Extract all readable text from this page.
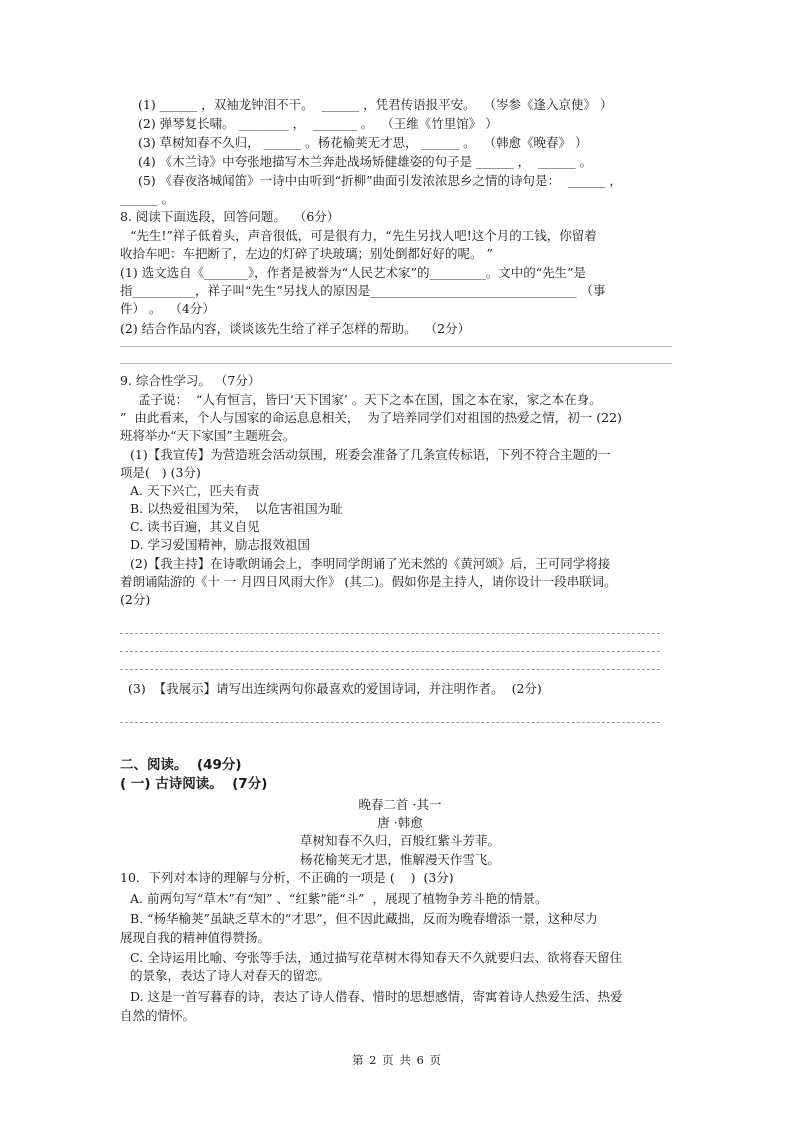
(1) ______ ，双袖龙钟泪不干。  ______ ，凭君传语报平安。  （岑参《逢入京使》 ）
(2) 弹琴复长啸。 ________ ，  _______ 。  （王维《竹里馆》 ）
(3) 草树知春不久归， ______ 。杨花榆荚无才思， ______ 。  （韩愈《晚春》 ）
(4) 《木兰诗》中夸张地描写木兰奔赴战场矫健雄姿的句子是 ______ ，  ______ 。
(5) 《春夜洛城闻笛》一诗中由听到“折柳”曲面引发浓浓思乡之情的诗句是：  ______ ，
______ 。
8. 阅读下面选段，回答问题。  （6分）
“先生!”祥子低着头，声音很低，可是很有力，“先生另找人吧!这个月的工钱，你留着
收拾车吧：车把断了，左边的灯碎了块玻璃；别处倒都好好的呢。 ”
(1) 选文选自《_______》，作者是被誉为“人民艺术家”的_________。文中的“先生”是
指__________，祥子叫“先生”另找人的原因是_________________________________ （事
件） 。  （4分）
(2) 结合作品内容，谈谈该先生给了祥子怎样的帮助。  （2分）
9. 综合性学习。 （7分）
孟子说：  “人有恒言，皆曰‘天下国家’ 。天下之本在国，国之本在家，家之本在身。
”  由此看来，个人与国家的命运息息相关，  为了培养同学们对祖国的热爱之情，初一 (22)
班将举办“天下家国”主题班会。
(1)【我宣传】为营造班会活动氛围，班委会准备了几条宣传标语，下列不符合主题的一
项是(   ) (3分)
A. 天下兴亡，匹夫有责
B. 以热爱祖国为荣，  以危害祖国为耻
C. 读书百遍，其义自见
D. 学习爱国精神，励志报效祖国
(2)【我主持】在诗歌朗诵会上，李明同学朗诵了光未然的《黄河颂》后，王可同学将接
着朗诵陆游的《十 一 月四日风雨大作》 (其二)。假如你是主持人，请你设计一段串联词。
(2分)
(3)  【我展示】请写出连续两句你最喜欢的爱国诗词，并注明作者。  (2分)
二、阅读。  (49分)
( 一) 古诗阅读。  (7分)
晚春二首 ·其一
唐 ·韩愈
草树知春不久归，百般红紫斗芳菲。
杨花榆荚无才思，惟解漫天作雪飞。
10．下列对本诗的理解与分析，不正确的一项是 (    )  (3分)
A. 前两句写“草木”有“知” 、“红紫”能“斗”  ，展现了植物争芳斗艳的情景。
B. “杨华榆荚”虽缺乏草木的“才思”，但不因此藏拙，反而为晚春增添一景，这种尽力
展现自我的精神值得赞扬。
C. 全诗运用比喻、夸张等手法，通过描写花草树木得知春天不久就要归去、欲将春天留住
的景象，表达了诗人对春天的留恋。
D. 这是一首写暮春的诗，表达了诗人借春、惜时的思想感情，寄寓着诗人热爱生活、热爱
自然的情怀。
第 2 页 共 6 页
